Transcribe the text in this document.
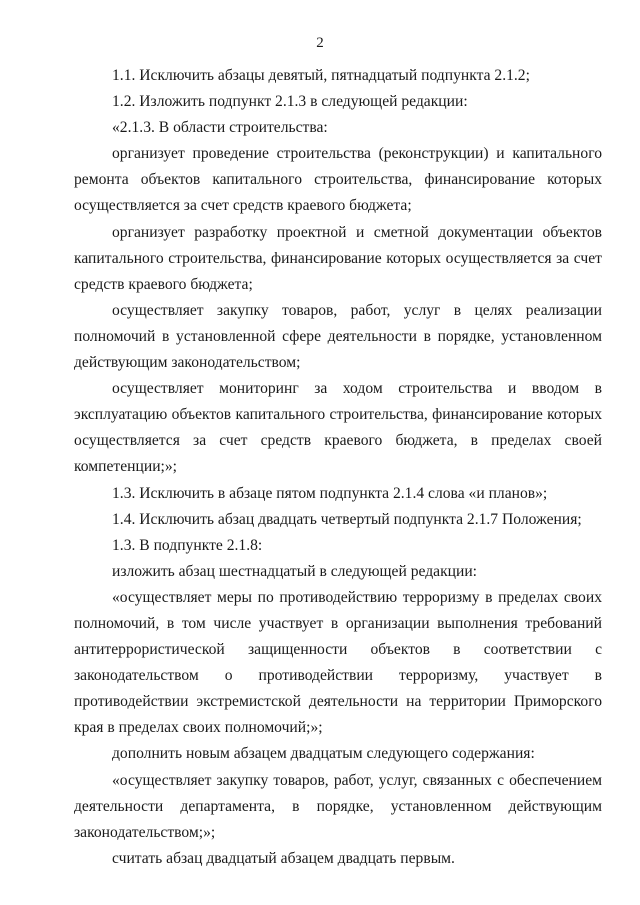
2

1.1. Исключить абзацы девятый, пятнадцатый подпункта 2.1.2;

1.2. Изложить подпункт 2.1.3 в следующей редакции:

«2.1.3. В области строительства:

организует проведение строительства (реконструкции) и капитального ремонта объектов капитального строительства, финансирование которых осуществляется за счет средств краевого бюджета;

организует разработку проектной и сметной документации объектов капитального строительства, финансирование которых осуществляется за счет средств краевого бюджета;

осуществляет закупку товаров, работ, услуг в целях реализации полномочий в установленной сфере деятельности в порядке, установленном действующим законодательством;

осуществляет мониторинг за ходом строительства и вводом в эксплуатацию объектов капитального строительства, финансирование которых осуществляется за счет средств краевого бюджета, в пределах своей компетенции;»;

1.3. Исключить в абзаце пятом подпункта 2.1.4 слова «и планов»;

1.4. Исключить абзац двадцать четвертый подпункта 2.1.7 Положения;

1.3. В подпункте 2.1.8:

изложить абзац шестнадцатый в следующей редакции:

«осуществляет меры по противодействию терроризму в пределах своих полномочий, в том числе участвует в организации выполнения требований антитеррористической защищенности объектов в соответствии с законодательством о противодействии терроризму, участвует в противодействии экстремистской деятельности на территории Приморского края в пределах своих полномочий;»;

дополнить новым абзацем двадцатым следующего содержания:

«осуществляет закупку товаров, работ, услуг, связанных с обеспечением деятельности департамента, в порядке, установленном действующим законодательством;»;

считать абзац двадцатый абзацем двадцать первым.
